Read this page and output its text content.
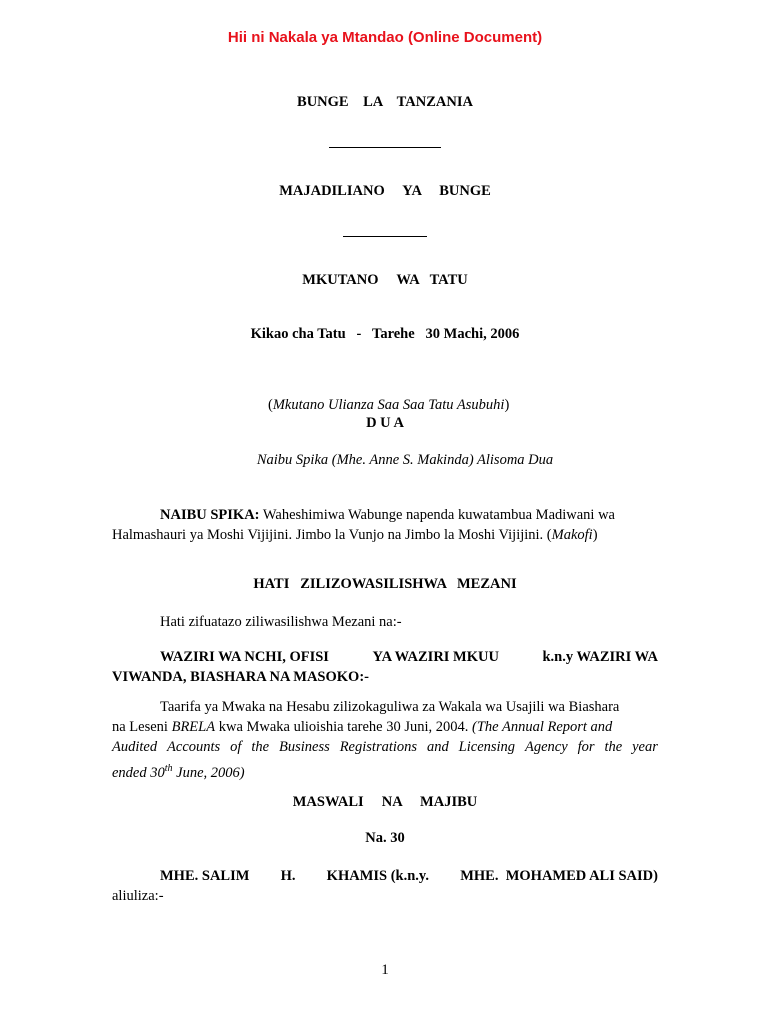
Hii ni Nakala ya Mtandao (Online Document)
BUNGE    LA    TANZANIA
MAJADILIANO     YA     BUNGE
MKUTANO     WA   TATU
Kikao cha Tatu   -   Tarehe   30 Machi, 2006

(Mkutano Ulianza Saa Saa Tatu Asubuhi)

D U A
Naibu Spika (Mhe. Anne S. Makinda) Alisoma Dua
NAIBU SPIKA: Waheshimiwa Wabunge napenda kuwatambua Madiwani wa
Halmashauri ya Moshi Vijijini. Jimbo la Vunjo na Jimbo la Moshi Vijijini. (Makofi)
HATI   ZILIZOWASILISHWA   MEZANI
Hati zifuatazo ziliwasilishwa Mezani na:-
WAZIRI WA NCHI, OFISI	YA WAZIRI MKUU	k.n.y WAZIRI WA
VIWANDA, BIASHARA NA MASOKO:-
Taarifa ya Mwaka na Hesabu zilizokaguliwa za Wakala wa Usajili wa Biashara
na Leseni BRELA kwa Mwaka ulioishia tarehe 30 Juni, 2004. (The Annual Report and
Audited Accounts of the Business Registrations and Licensing Agency for the year
ended 30th June, 2006)
MASWALI     NA     MAJIBU
Na. 30
MHE. SALIM H. KHAMIS (k.n.y. MHE.  MOHAMED ALI SAID)
aliuliza:-
1
